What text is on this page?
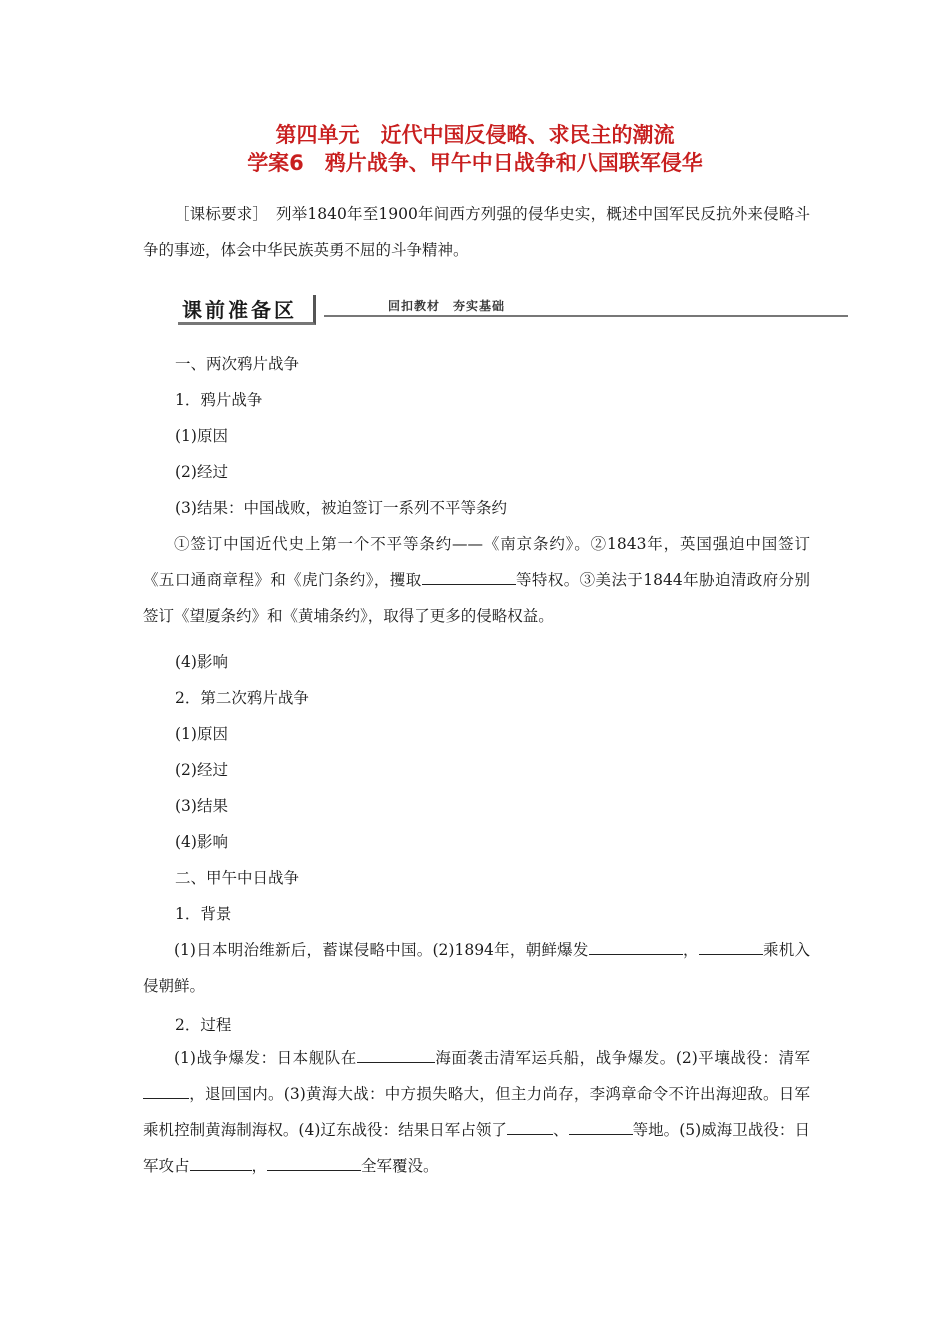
第四单元　近代中国反侵略、求民主的潮流
学案6　鸦片战争、甲午中日战争和八国联军侵华
［课标要求］　列举1840年至1900年间西方列强的侵华史实，概述中国军民反抗外来侵略斗争的事迹，体会中华民族英勇不屈的斗争精神。
课前准备区	回扣教材　夯实基础
一、两次鸦片战争
1．鸦片战争
(1)原因
(2)经过
(3)结果：中国战败，被迫签订一系列不平等条约
①签订中国近代史上第一个不平等条约——《南京条约》。②1843年，英国强迫中国签订《五口通商章程》和《虎门条约》，攫取	等特权。③美法于1844年胁迫清政府分别签订《望厦条约》和《黄埔条约》，取得了更多的侵略权益。
(4)影响
2．第二次鸦片战争
(1)原因
(2)经过
(3)结果
(4)影响
二、甲午中日战争
1．背景
(1)日本明治维新后，蓄谋侵略中国。(2)1894年，朝鲜爆发	，	乘机入侵朝鲜。
2．过程
(1)战争爆发：日本舰队在	海面袭击清军运兵船，战争爆发。(2)平壤战役：清军，退回国内。(3)黄海大战：中方损失略大，但主力尚存，李鸿章命令不许出海迎敌。日军乘机控制黄海制海权。(4)辽东战役：结果日军占领了	、	等地。(5)威海卫战役：日军攻占	，	全军覆没。
